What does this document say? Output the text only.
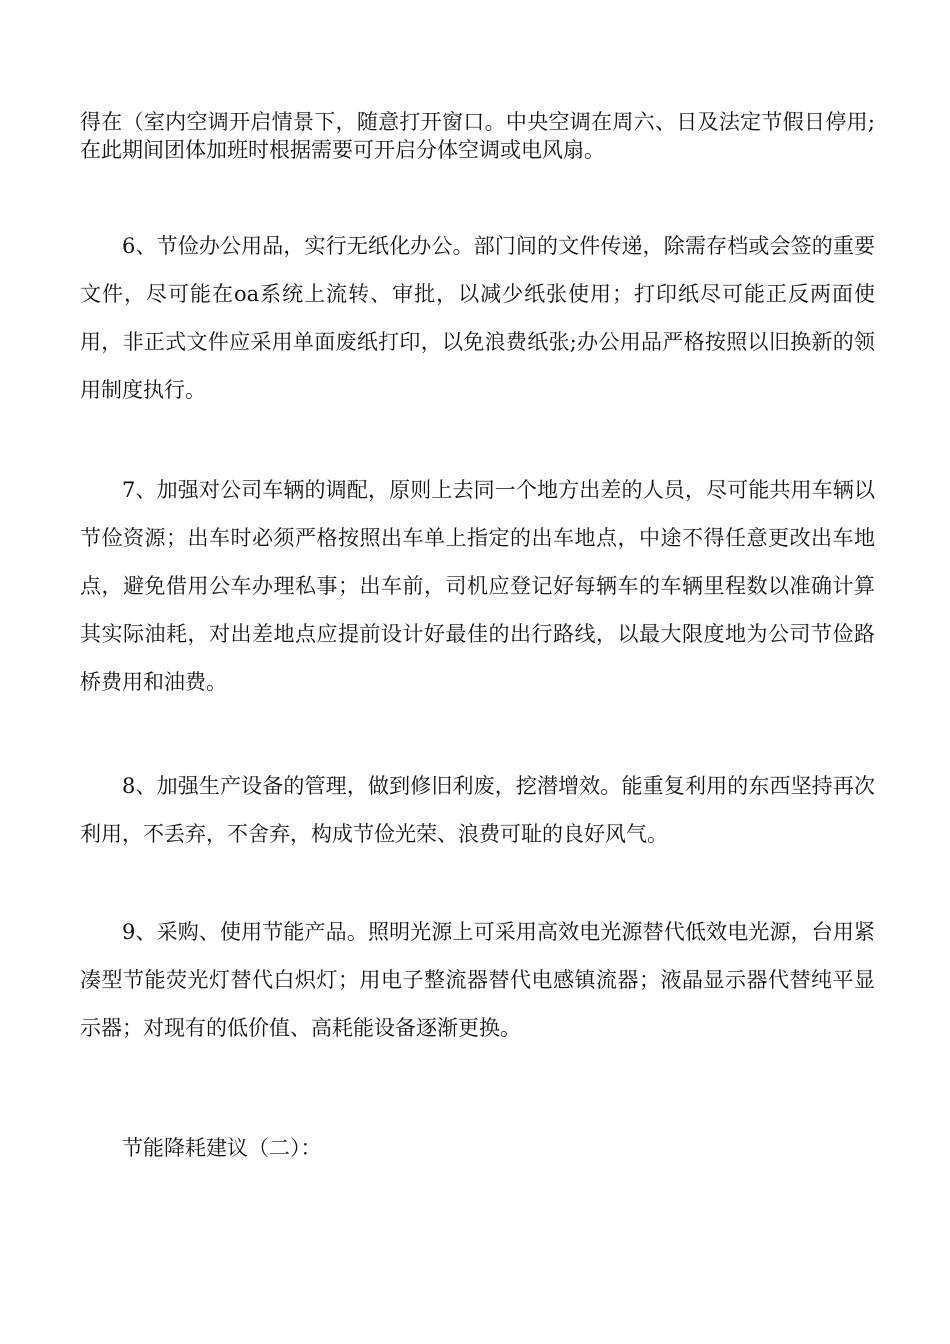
得在（室内空调开启情景下，随意打开窗口。中央空调在周六、日及法定节假日停用;在此期间团体加班时根据需要可开启分体空调或电风扇。

6、节俭办公用品，实行无纸化办公。部门间的文件传递，除需存档或会签的重要文件，尽可能在oa系统上流转、审批，以减少纸张使用；打印纸尽可能正反两面使用，非正式文件应采用单面废纸打印，以免浪费纸张;办公用品严格按照以旧换新的领用制度执行。

7、加强对公司车辆的调配，原则上去同一个地方出差的人员，尽可能共用车辆以节俭资源；出车时必须严格按照出车单上指定的出车地点，中途不得任意更改出车地点，避免借用公车办理私事；出车前，司机应登记好每辆车的车辆里程数以准确计算其实际油耗，对出差地点应提前设计好最佳的出行路线，以最大限度地为公司节俭路桥费用和油费。

8、加强生产设备的管理，做到修旧利废，挖潜增效。能重复利用的东西坚持再次利用，不丢弃，不舍弃，构成节俭光荣、浪费可耻的良好风气。

9、采购、使用节能产品。照明光源上可采用高效电光源替代低效电光源，台用紧凑型节能荧光灯替代白炽灯；用电子整流器替代电感镇流器；液晶显示器代替纯平显示器；对现有的低价值、高耗能设备逐渐更换。

节能降耗建议（二）：
